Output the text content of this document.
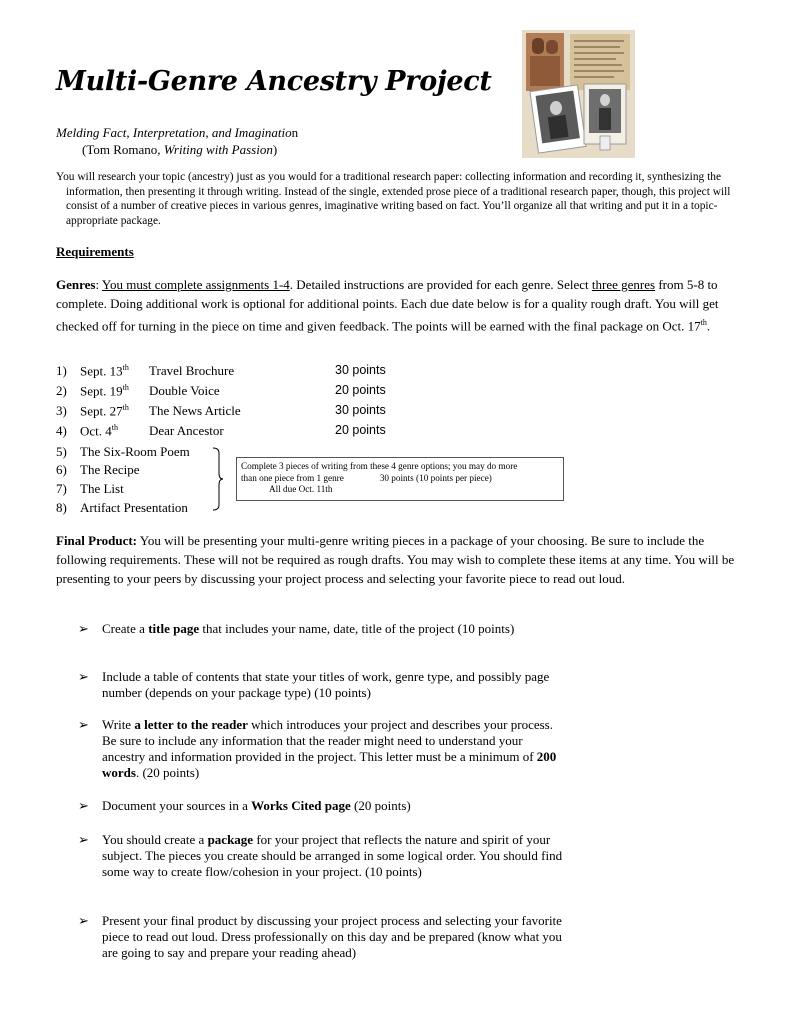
Multi-Genre Ancestry Project
Melding Fact, Interpretation, and Imagination
(Tom Romano, Writing with Passion)

You will research your topic (ancestry) just as you would for a traditional research paper: collecting information and recording it, synthesizing the information, then presenting it through writing. Instead of the single, extended prose piece of a traditional research paper, though, this project will consist of a number of creative pieces in various genres, imaginative writing based on fact. You’ll organize all that writing and put it in a topic-appropriate package.

Requirements
Genres: You must complete assignments 1-4. Detailed instructions are provided for each genre. Select three genres from 5-8 to complete. Doing additional work is optional for additional points. Each due date below is for a quality rough draft. You will get checked off for turning in the piece on time and given feedback. The points will be earned with the final package on Oct. 17th.
1) Sept. 13th Travel Brochure	30 points
2) Sept. 19th Double Voice	20 points
3) Sept. 27th The News Article	30 points
4) Oct. 4th Dear Ancestor	20 points
5) The Six-Room Poem
6) The Recipe
7) The List
8) Artifact Presentation
Complete 3 pieces of writing from these 4 genre options; you may do more
than one piece from 1 genre	30 points (10 points per piece)
All due Oct. 11th
Final Product: You will be presenting your multi-genre writing pieces in a package of your choosing. Be sure to include the following requirements. These will not be required as rough drafts. You may wish to complete these items at any time. You will be presenting to your peers by discussing your project process and selecting your favorite piece to read out loud.
➢ Create a title page that includes your name, date, title of the project (10 points)
➢ Include a table of contents that state your titles of work, genre type, and possibly page number (depends on your package type) (10 points)
➢ Write a letter to the reader which introduces your project and describes your process. Be sure to include any information that the reader might need to understand your ancestry and information provided in the project. This letter must be a minimum of 200 words. (20 points)
➢ Document your sources in a Works Cited page (20 points)
➢ You should create a package for your project that reflects the nature and spirit of your subject. The pieces you create should be arranged in some logical order. You should find some way to create flow/cohesion in your project. (10 points)
➢ Present your final product by discussing your project process and selecting your favorite piece to read out loud. Dress professionally on this day and be prepared (know what you are going to say and prepare your reading ahead)
